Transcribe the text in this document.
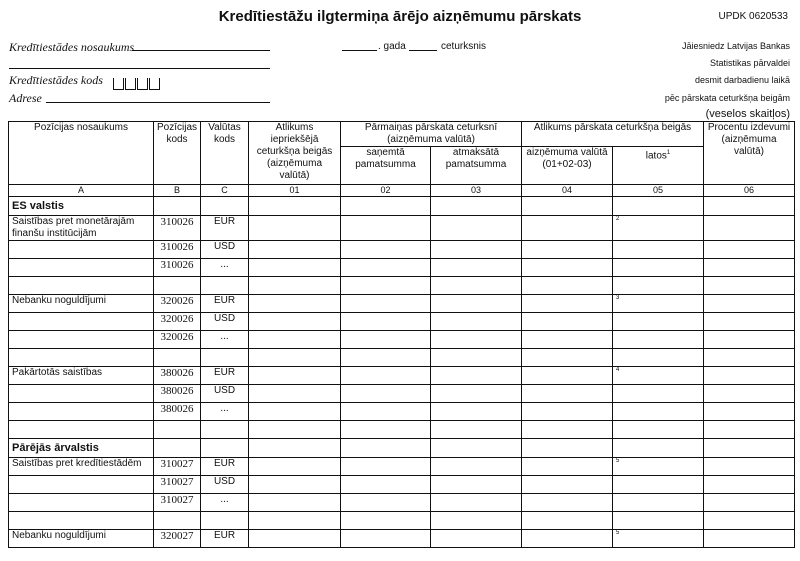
Kredītiestāžu ilgtermiņa ārējo aizņēmumu pārskats	UPDK 0620533
Kredītiestādes nosaukums
Kredītiestādes kods
Adrese
. gada	ceturksnis	Jāiesniedz Latvijas Bankas
Statistikas pārvaldei
desmit darbadienu laikā
pēc pārskata ceturkšņa beigām
(veselos skaitļos)
Pozīcijas nosaukums	Pozīcijas kods	Valūtas kods	Atlikums iepriekšējā ceturkšņa beigās (aizņēmuma valūtā)	Pārmaiņas pārskata ceturksnī (aizņēmuma valūtā)		Atlikums pārskata ceturkšņa beigās		Procentu izdevumi (aizņēmuma valūtā)
				saņemtā pamatsumma	atmaksātā pamatsumma	aizņēmuma valūtā (01+02-03)	latos$^1$
A	B	C	01	02	03	04	05	06
ES valstis								
Saistības pret monetārajām finanšu institūcijām	310026	EUR					2	

	310026	USD						
	310026	...						

Nebanku noguldījumi	320026	EUR					3	

	320026	USD						
	320026	...						

Pakārtotās saistības	380026	EUR					4	

	380026	USD						
	380026	...						

Pārējās ārvalstis								
Saistības pret kredītiestādēm	310027	EUR					5	

	310027	USD						
	310027	...						

Nebanku noguldījumi	320027	EUR					5	
